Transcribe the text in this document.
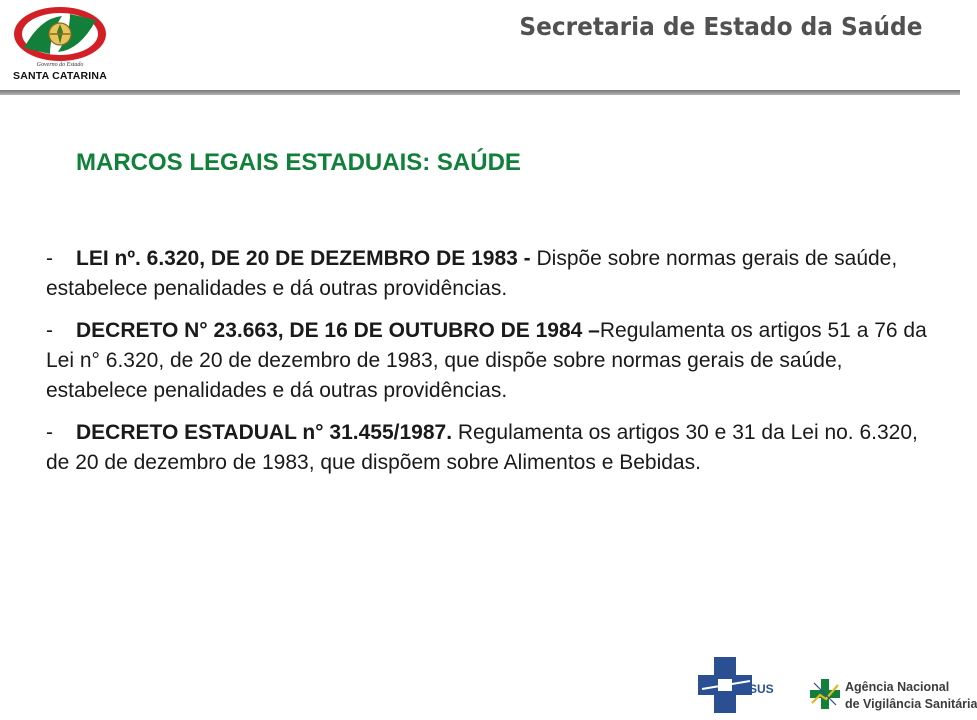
Governo do Estado
SANTA CATARINA
Secretaria de Estado da Saúde
MARCOS LEGAIS ESTADUAIS: SAÚDE
- LEI nº. 6.320, DE 20 DE DEZEMBRO DE 1983 - Dispõe sobre normas gerais de saúde, estabelece penalidades e dá outras providências.
- DECRETO N° 23.663, DE 16 DE OUTUBRO DE 1984 –Regulamenta os artigos 51 a 76 da Lei n° 6.320, de 20 de dezembro de 1983, que dispõe sobre normas gerais de saúde, estabelece penalidades e dá outras providências.
- DECRETO ESTADUAL n° 31.455/1987. Regulamenta os artigos 30 e 31 da Lei no. 6.320, de 20 de dezembro de 1983, que dispõem sobre Alimentos e Bebidas.
SUS	Agência Nacional
de Vigilância Sanitária
